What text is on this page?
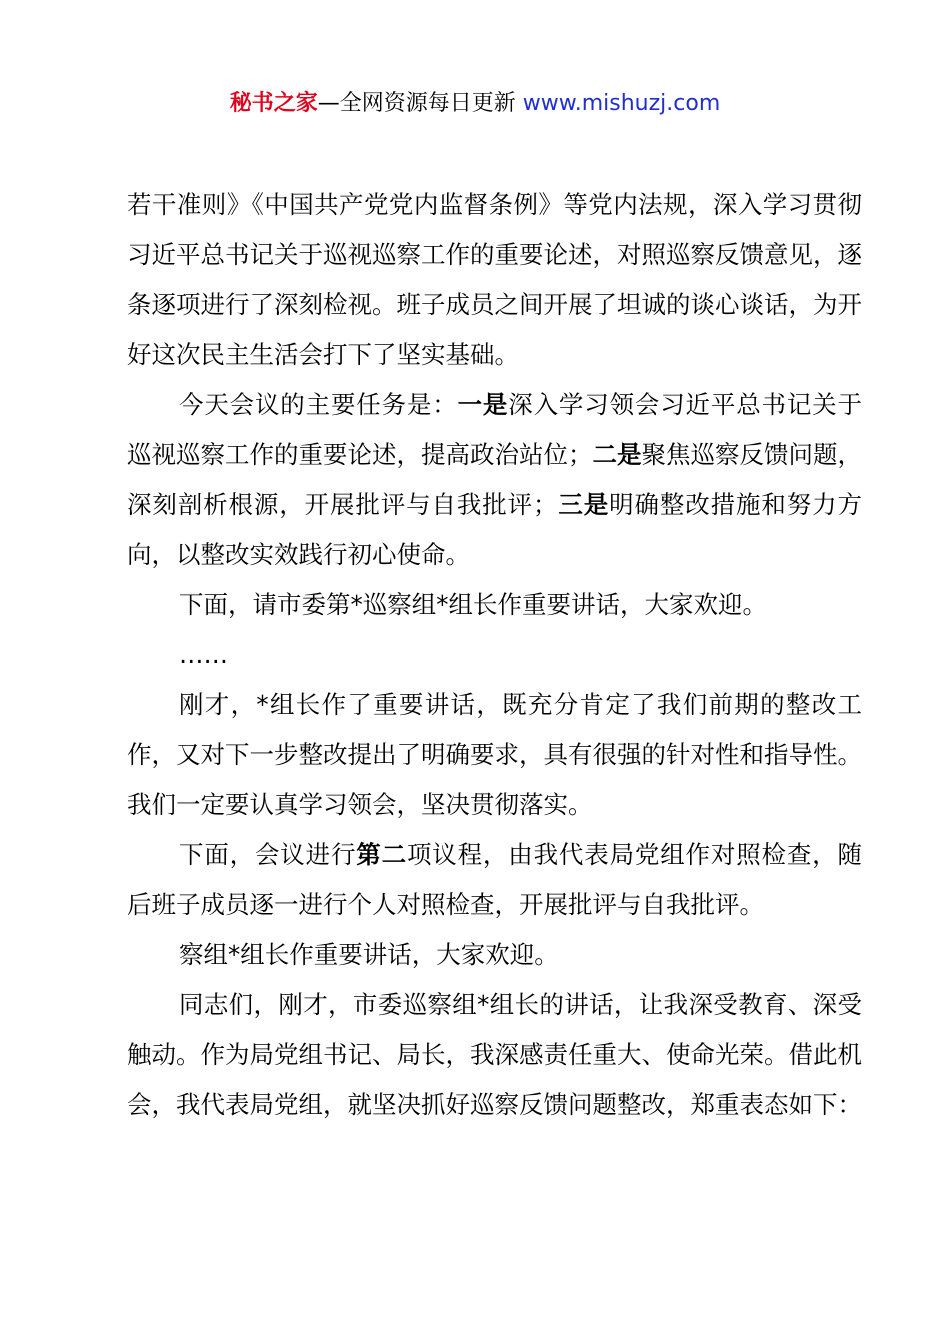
秘书之家—全网资源每日更新 www.mishuzj.com

若干准则》《中国共产党党内监督条例》等党内法规，深入学习贯彻习近平总书记关于巡视巡察工作的重要论述，对照巡察反馈意见，逐条逐项进行了深刻检视。班子成员之间开展了坦诚的谈心谈话，为开好这次民主生活会打下了坚实基础。

今天会议的主要任务是：一是深入学习领会习近平总书记关于巡视巡察工作的重要论述，提高政治站位；二是聚焦巡察反馈问题，深刻剖析根源，开展批评与自我批评；三是明确整改措施和努力方向，以整改实效践行初心使命。

下面，请市委第*巡察组*组长作重要讲话，大家欢迎。

……

刚才，*组长作了重要讲话，既充分肯定了我们前期的整改工作，又对下一步整改提出了明确要求，具有很强的针对性和指导性。我们一定要认真学习领会，坚决贯彻落实。

下面，会议进行第二项议程，由我代表局党组作对照检查，随后班子成员逐一进行个人对照检查，开展批评与自我批评。

察组*组长作重要讲话，大家欢迎。

同志们，刚才，市委巡察组*组长的讲话，让我深受教育、深受触动。作为局党组书记、局长，我深感责任重大、使命光荣。借此机会，我代表局党组，就坚决抓好巡察反馈问题整改，郑重表态如下：
